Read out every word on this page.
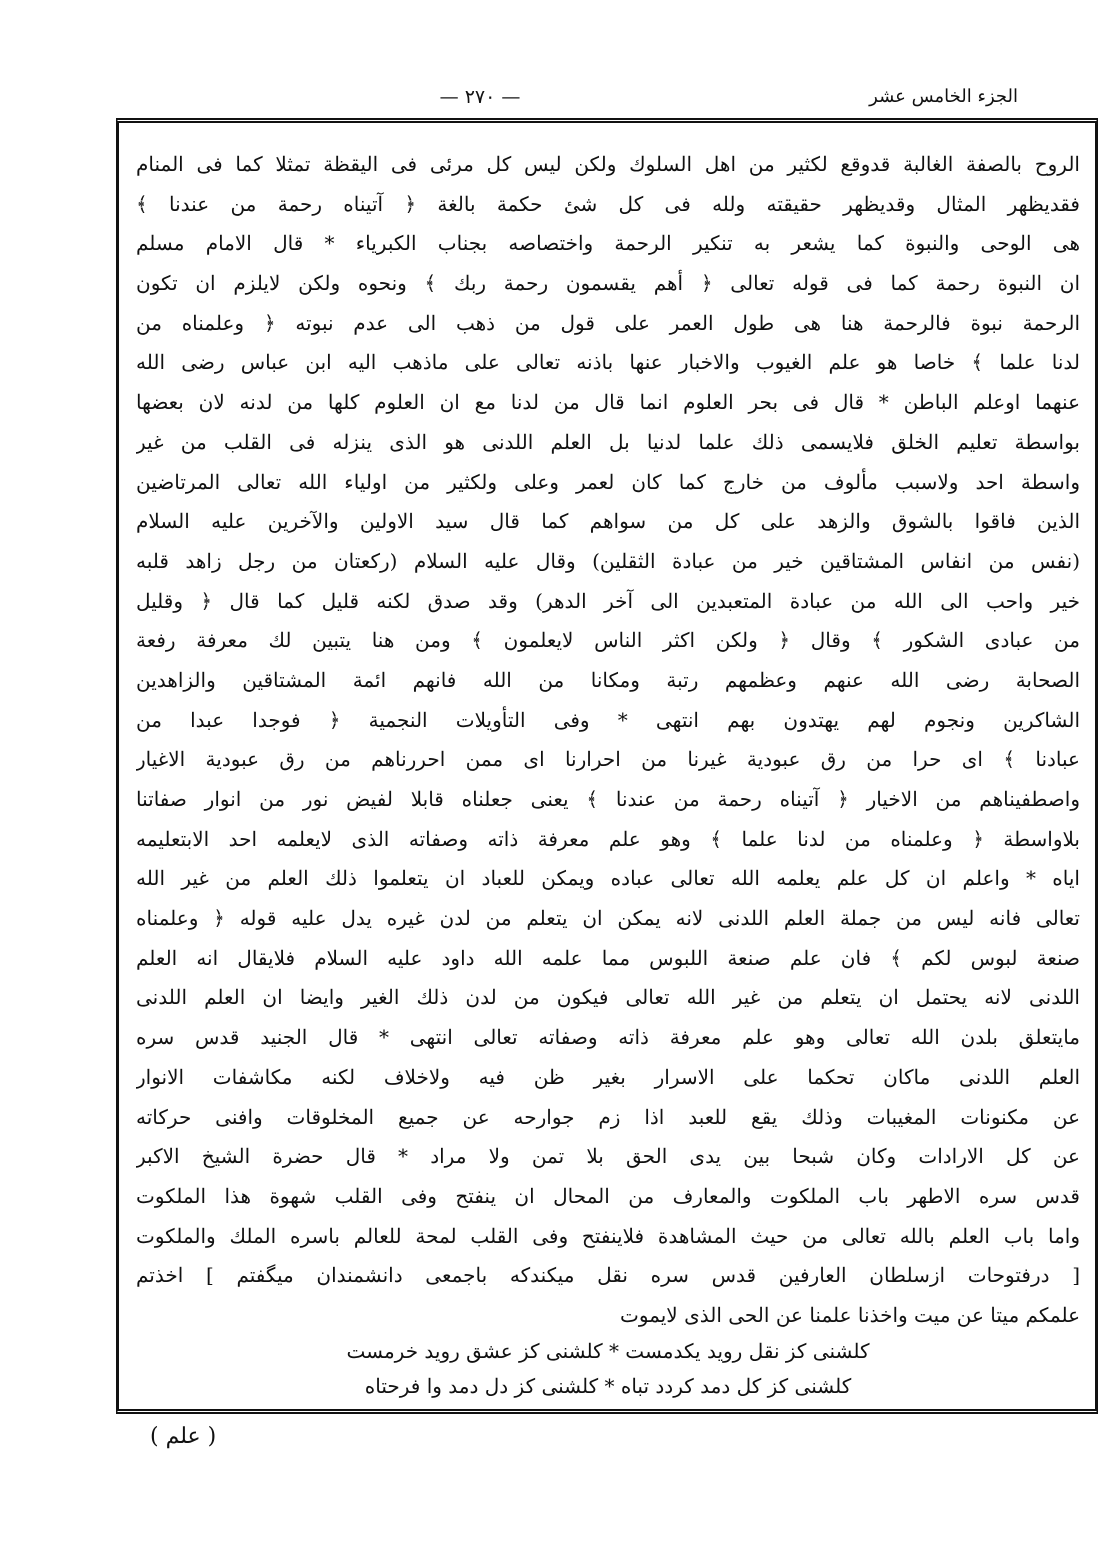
الجزء الخامس عشر
— ٢٧٠ —
الروح بالصفة الغالبة قدوقع لكثير من اهل السلوك ولكن ليس كل مرئى فى اليقظة تمثلا كما فى المنام
فقديظهر المثال وقديظهر حقيقته ولله فى كل شئ حكمة بالغة ﴿ آتيناه رحمة من عندنا ﴾
هى الوحى والنبوة كما يشعر به تنكير الرحمة واختصاصه بجناب الكبرياء * قال الامام مسلم
ان النبوة رحمة كما فى قوله تعالى ﴿ أهم يقسمون رحمة ربك ﴾ ونحوه ولكن لايلزم ان تكون
الرحمة نبوة فالرحمة هنا هى طول العمر على قول من ذهب الى عدم نبوته ﴿ وعلمناه من
لدنا علما ﴾ خاصا هو علم الغيوب والاخبار عنها باذنه تعالى على ماذهب اليه ابن عباس رضى الله
عنهما اوعلم الباطن * قال فى بحر العلوم انما قال من لدنا مع ان العلوم كلها من لدنه لان بعضها
بواسطة تعليم الخلق فلايسمى ذلك علما لدنيا بل العلم اللدنى هو الذى ينزله فى القلب من غير
واسطة احد ولاسبب مألوف من خارج كما كان لعمر وعلى ولكثير من اولياء الله تعالى المرتاضين
الذين فاقوا بالشوق والزهد على كل من سواهم كما قال سيد الاولين والآخرين عليه السلام
(نفس من انفاس المشتاقين خير من عبادة الثقلين) وقال عليه السلام (ركعتان من رجل زاهد قلبه
خير واحب الى الله من عبادة المتعبدين الى آخر الدهر) وقد صدق لكنه قليل كما قال ﴿ وقليل
من عبادى الشكور ﴾ وقال ﴿ ولكن اكثر الناس لايعلمون ﴾ ومن هنا يتبين لك معرفة رفعة
الصحابة رضى الله عنهم وعظمهم رتبة ومكانا من الله فانهم ائمة المشتاقين والزاهدين
الشاكرين ونجوم لهم يهتدون بهم انتهى * وفى التأويلات النجمية ﴿ فوجدا عبدا من
عبادنا ﴾ اى حرا من رق عبودية غيرنا من احرارنا اى ممن احررناهم من رق عبودية الاغيار
واصطفيناهم من الاخيار ﴿ آتيناه رحمة من عندنا ﴾ يعنى جعلناه قابلا لفيض نور من انوار صفاتنا
بلاواسطة ﴿ وعلمناه من لدنا علما ﴾ وهو علم معرفة ذاته وصفاته الذى لايعلمه احد الابتعليمه
اياه * واعلم ان كل علم يعلمه الله تعالى عباده ويمكن للعباد ان يتعلموا ذلك العلم من غير الله
تعالى فانه ليس من جملة العلم اللدنى لانه يمكن ان يتعلم من لدن غيره يدل عليه قوله ﴿ وعلمناه
صنعة لبوس لكم ﴾ فان علم صنعة اللبوس مما علمه الله داود عليه السلام فلايقال انه العلم
اللدنى لانه يحتمل ان يتعلم من غير الله تعالى فيكون من لدن ذلك الغير وايضا ان العلم اللدنى
مايتعلق بلدن الله تعالى وهو علم معرفة ذاته وصفاته تعالى انتهى * قال الجنيد قدس سره
العلم اللدنى ماكان تحكما على الاسرار بغير ظن فيه ولاخلاف لكنه مكاشفات الانوار
عن مكنونات المغيبات وذلك يقع للعبد اذا زم جوارحه عن جميع المخلوقات وافنى حركاته
عن كل الارادات وكان شبحا بين يدى الحق بلا تمن ولا مراد * قال حضرة الشيخ الاكبر
قدس سره الاطهر باب الملكوت والمعارف من المحال ان ينفتح وفى القلب شهوة هذا الملكوت
واما باب العلم بالله تعالى من حيث المشاهدة فلاينفتح وفى القلب لمحة للعالم باسره الملك والملكوت
[ درفتوحات ازسلطان العارفين قدس سره نقل ميكندكه باجمعى دانشمندان ميگفتم ] اخذتم
علمكم ميتا عن ميت واخذنا علمنا عن الحى الذى لايموت
كلشنى كز نقل رويد يكدمست * كلشنى كز عشق رويد خرمست
كلشنى كز كل دمد كردد تباه * كلشنى كز دل دمد وا فرحتاه
( علم )
